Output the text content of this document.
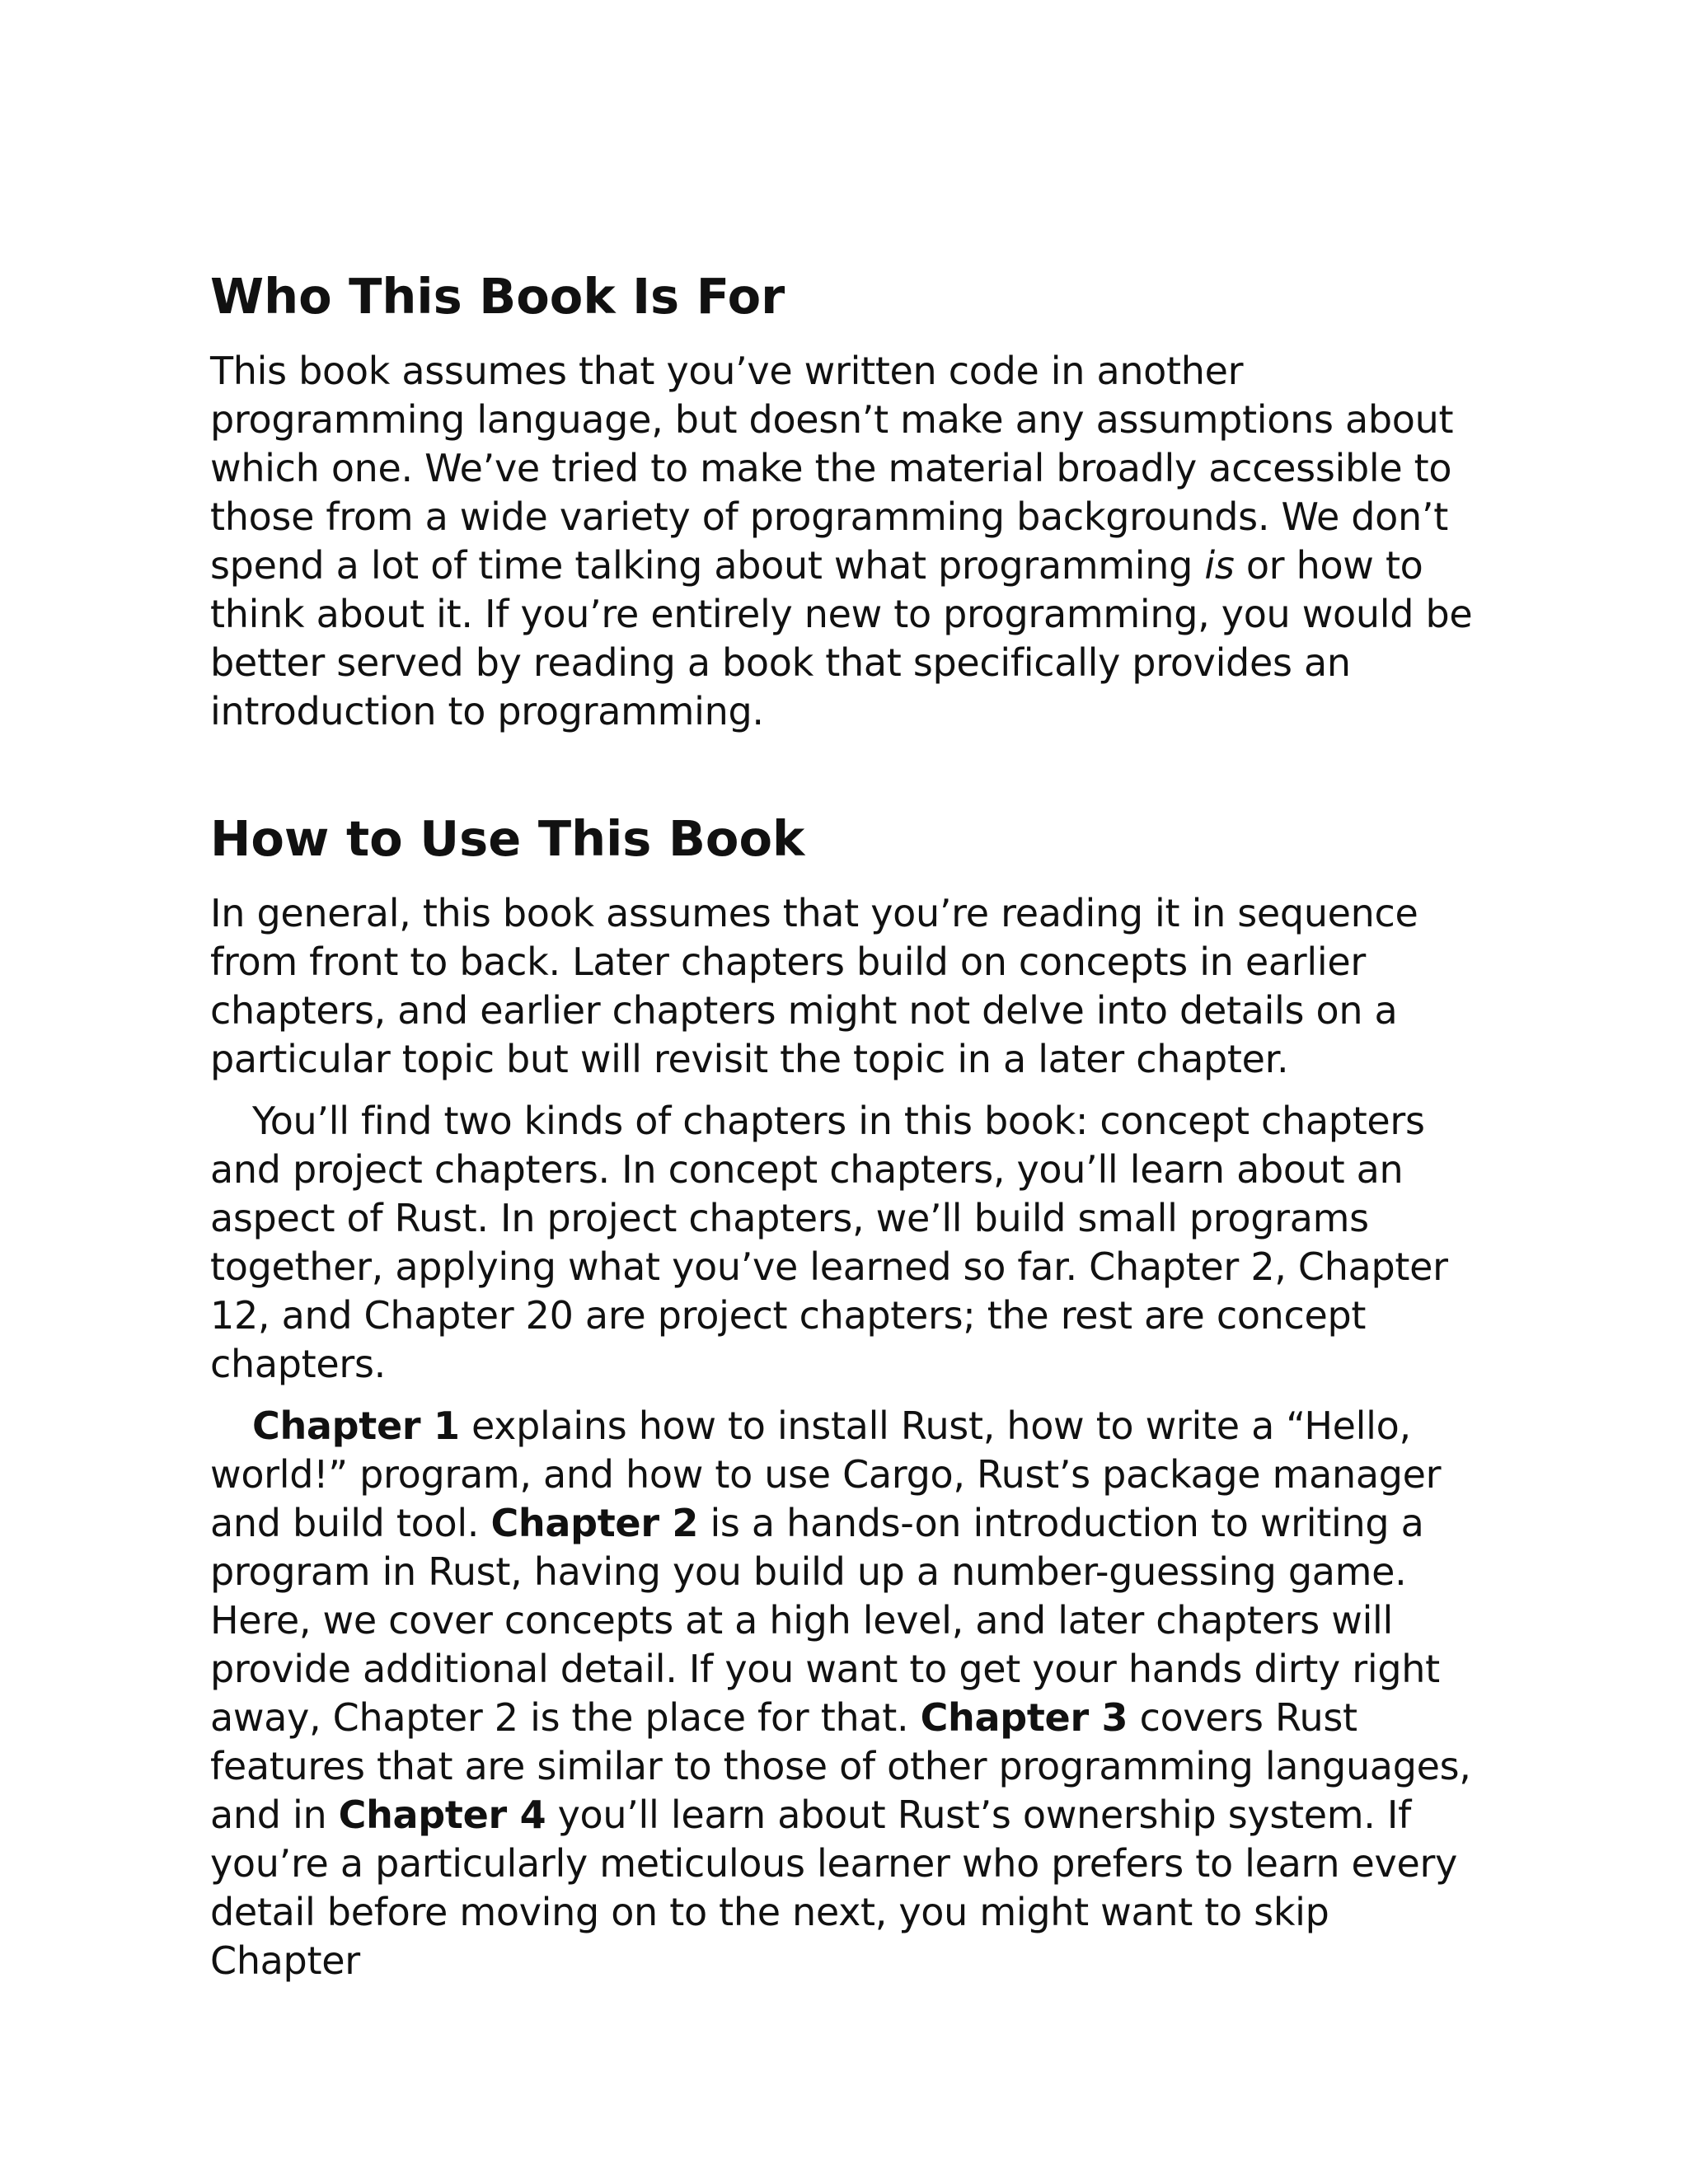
Who This Book Is For

This book assumes that you’ve written code in another programming language, but doesn’t make any assumptions about which one. We’ve tried to make the material broadly accessible to those from a wide variety of programming backgrounds. We don’t spend a lot of time talking about what programming is or how to think about it. If you’re entirely new to programming, you would be better served by reading a book that specifically provides an introduction to programming.

How to Use This Book

In general, this book assumes that you’re reading it in sequence from front to back. Later chapters build on concepts in earlier chapters, and earlier chapters might not delve into details on a particular topic but will revisit the topic in a later chapter.

You’ll find two kinds of chapters in this book: concept chapters and project chapters. In concept chapters, you’ll learn about an aspect of Rust. In project chapters, we’ll build small programs together, applying what you’ve learned so far. Chapter 2, Chapter 12, and Chapter 20 are project chapters; the rest are concept chapters.

Chapter 1 explains how to install Rust, how to write a “Hello, world!” program, and how to use Cargo, Rust’s package manager and build tool. Chapter 2 is a hands-on introduction to writing a program in Rust, having you build up a number-guessing game. Here, we cover concepts at a high level, and later chapters will provide additional detail. If you want to get your hands dirty right away, Chapter 2 is the place for that. Chapter 3 covers Rust features that are similar to those of other programming languages, and in Chapter 4 you’ll learn about Rust’s ownership system. If you’re a particularly meticulous learner who prefers to learn every detail before moving on to the next, you might want to skip Chapter
